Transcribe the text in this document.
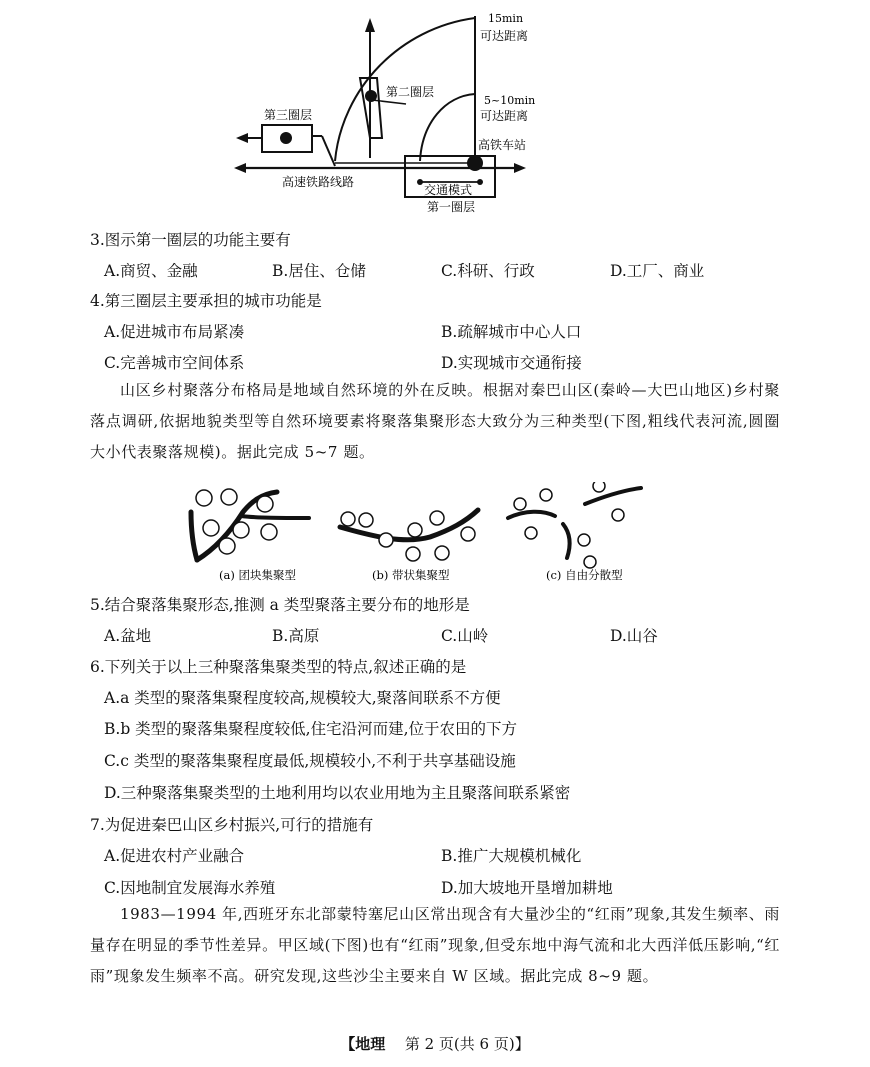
15min
可达距离
5~10min
可达距离
第二圈层
第三圈层
高铁车站
高速铁路线路
交通模式
第一圈层
3.图示第一圈层的功能主要有
A.商贸、金融	B.居住、仓储	C.科研、行政	D.工厂、商业
4.第三圈层主要承担的城市功能是
A.促进城市布局紧凑	B.疏解城市中心人口
C.完善城市空间体系	D.实现城市交通衔接
山区乡村聚落分布格局是地域自然环境的外在反映。根据对秦巴山区(秦岭—大巴山地区)乡村聚落点调研,依据地貌类型等自然环境要素将聚落集聚形态大致分为三种类型(下图,粗线代表河流,圆圈大小代表聚落规模)。据此完成 5~7 题。
(a) 团块集聚型	(b) 带状集聚型	(c) 自由分散型
5.结合聚落集聚形态,推测 a 类型聚落主要分布的地形是
A.盆地	B.高原	C.山岭	D.山谷
6.下列关于以上三种聚落集聚类型的特点,叙述正确的是
A.a 类型的聚落集聚程度较高,规模较大,聚落间联系不方便
B.b 类型的聚落集聚程度较低,住宅沿河而建,位于农田的下方
C.c 类型的聚落集聚程度最低,规模较小,不利于共享基础设施
D.三种聚落集聚类型的土地利用均以农业用地为主且聚落间联系紧密
7.为促进秦巴山区乡村振兴,可行的措施有
A.促进农村产业融合	B.推广大规模机械化
C.因地制宜发展海水养殖	D.加大坡地开垦增加耕地
1983—1994 年,西班牙东北部蒙特塞尼山区常出现含有大量沙尘的“红雨”现象,其发生频率、雨量存在明显的季节性差异。甲区域(下图)也有“红雨”现象,但受东地中海气流和北大西洋低压影响,“红雨”现象发生频率不高。研究发现,这些沙尘主要来自 W 区域。据此完成 8~9 题。
【地理 第 2 页(共 6 页)】
